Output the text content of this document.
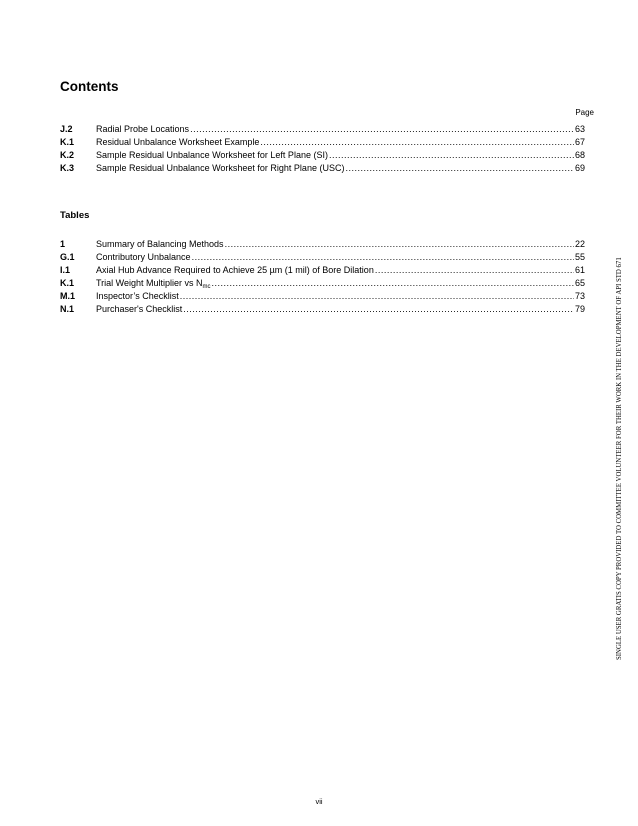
Contents
Page
J.2	Radial Probe Locations .....	63
K.1	Residual Unbalance Worksheet Example .....	67
K.2	Sample Residual Unbalance Worksheet for Left Plane (SI) .....	68
K.3	Sample Residual Unbalance Worksheet for Right Plane (USC) .....	69
Tables
1	Summary of Balancing Methods .....	22
G.1	Contributory Unbalance .....	55
I.1	Axial Hub Advance Required to Achieve 25 µm (1 mil) of Bore Dilation .....	61
K.1	Trial Weight Multiplier vs $N_{mc}$ .....	65
M.1	Inspector’s Checklist .....	73
N.1	Purchaser's Checklist .....	79
vii
SINGLE USER GRATIS COPY PROVIDED TO COMMITTEE VOLUNTEER FOR THEIR WORK IN THE DEVELOPMENT OF API STD 671
